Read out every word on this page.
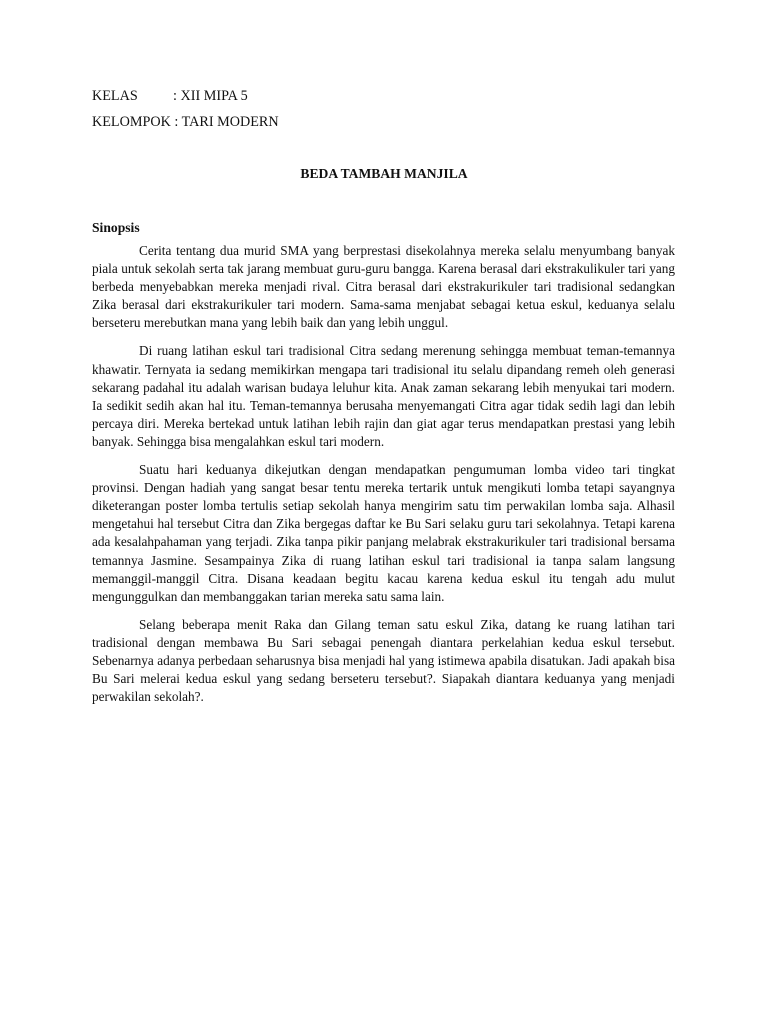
KELAS : XII MIPA 5
KELOMPOK : TARI MODERN
BEDA TAMBAH MANJILA
Sinopsis

Cerita tentang dua murid SMA yang berprestasi disekolahnya mereka selalu menyumbang banyak piala untuk sekolah serta tak jarang membuat guru-guru bangga. Karena berasal dari ekstrakulikuler tari yang berbeda menyebabkan mereka menjadi rival. Citra berasal dari ekstrakurikuler tari tradisional sedangkan Zika berasal dari ekstrakurikuler tari modern. Sama-sama menjabat sebagai ketua eskul, keduanya selalu berseteru merebutkan mana yang lebih baik dan yang lebih unggul.

Di ruang latihan eskul tari tradisional Citra sedang merenung sehingga membuat teman-temannya khawatir. Ternyata ia sedang memikirkan mengapa tari tradisional itu selalu dipandang remeh oleh generasi sekarang padahal itu adalah warisan budaya leluhur kita. Anak zaman sekarang lebih menyukai tari modern. Ia sedikit sedih akan hal itu. Teman-temannya berusaha menyemangati Citra agar tidak sedih lagi dan lebih percaya diri. Mereka bertekad untuk latihan lebih rajin dan giat agar terus mendapatkan prestasi yang lebih banyak. Sehingga bisa mengalahkan eskul tari modern.

Suatu hari keduanya dikejutkan dengan mendapatkan pengumuman lomba video tari tingkat provinsi. Dengan hadiah yang sangat besar tentu mereka tertarik untuk mengikuti lomba tetapi sayangnya diketerangan poster lomba tertulis setiap sekolah hanya mengirim satu tim perwakilan lomba saja. Alhasil mengetahui hal tersebut Citra dan Zika bergegas daftar ke Bu Sari selaku guru tari sekolahnya. Tetapi karena ada kesalahpahaman yang terjadi. Zika tanpa pikir panjang melabrak ekstrakurikuler tari tradisional bersama temannya Jasmine. Sesampainya Zika di ruang latihan eskul tari tradisional ia tanpa salam langsung memanggil-manggil Citra. Disana keadaan begitu kacau karena kedua eskul itu tengah adu mulut mengunggulkan dan membanggakan tarian mereka satu sama lain.

Selang beberapa menit Raka dan Gilang teman satu eskul Zika, datang ke ruang latihan tari tradisional dengan membawa Bu Sari sebagai penengah diantara perkelahian kedua eskul tersebut. Sebenarnya adanya perbedaan seharusnya bisa menjadi hal yang istimewa apabila disatukan. Jadi apakah bisa Bu Sari melerai kedua eskul yang sedang berseteru tersebut?. Siapakah diantara keduanya yang menjadi perwakilan sekolah?.
